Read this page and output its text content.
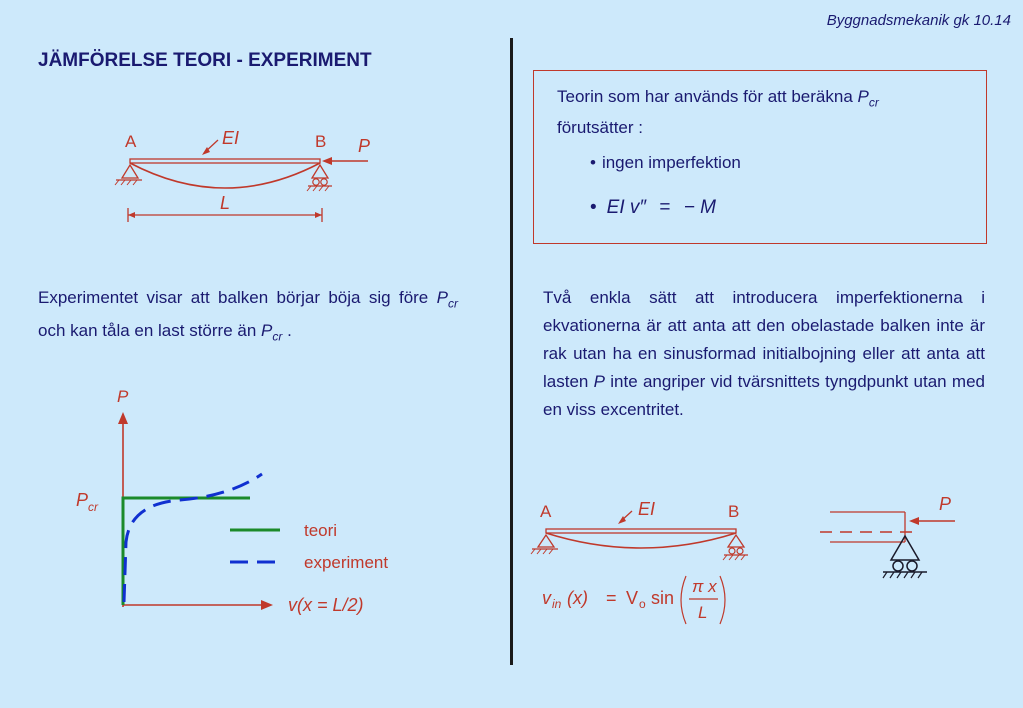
Byggnadsmekanik gk 10.14
JÄMFÖRELSE TEORI - EXPERIMENT
A	B
EI	P
L
Teorin som har används för att beräkna $P_{cr}$
förutsätter :
• ingen imperfektion
• EI v″ = − M
Experimentet visar att balken börjar böja sig före $P_{cr}$ och kan tåla en last större än $P_{cr}$ .
Två enkla sätt att introducera imperfektionerna i ekvationerna är att anta att den obelastade balken inte är rak utan ha en sinusformad initialbojning eller att anta att lasten P inte angriper vid tvärsnittets tyngdpunkt utan med en viss excentritet.
P
$P_{cr}$
teori
experiment
v(x = L/2)
A	B
EI	P
v in (x) = V o sin
π x
L
